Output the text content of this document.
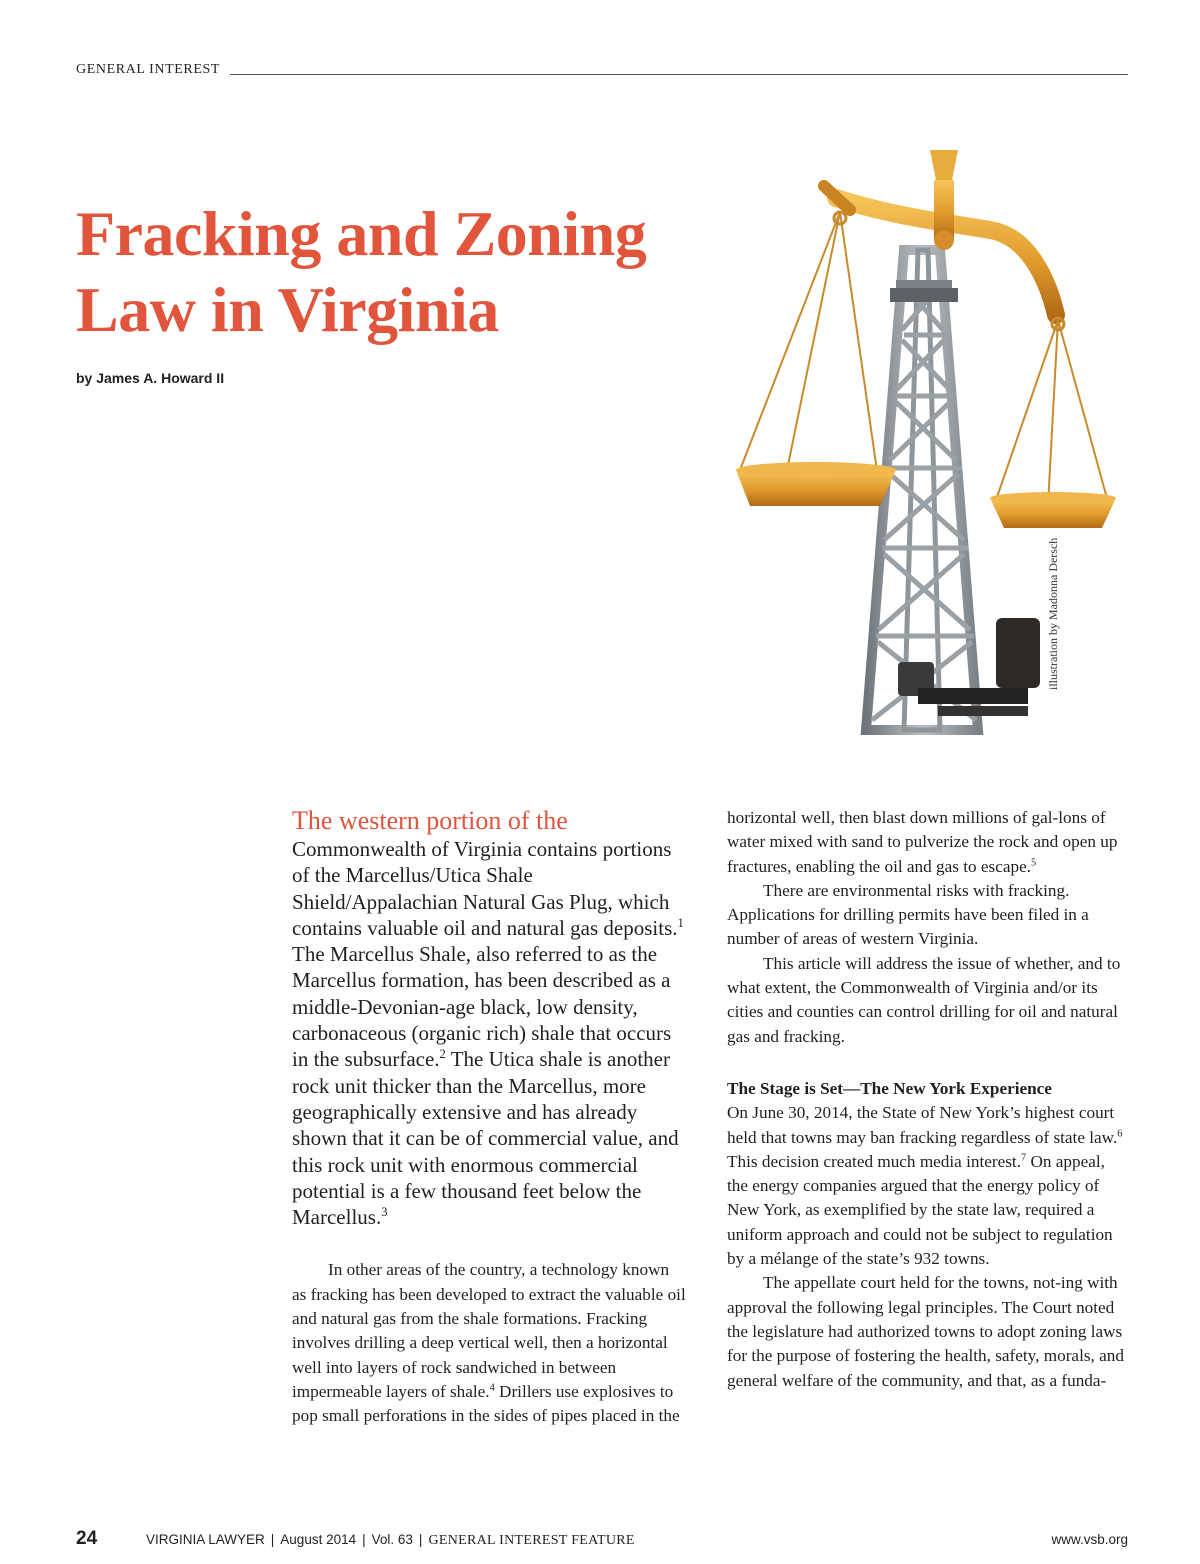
GENERAL INTEREST
Fracking and Zoning
Law in Virginia
by James A. Howard II
illustration by Madonna Dersch

The western portion of the
Commonwealth of Virginia contains portions of the Marcellus/Utica Shale Shield/Appalachian Natural Gas Plug, which contains valuable oil and natural gas deposits.$^1$ The Marcellus Shale, also referred to as the Marcellus formation, has been described as a middle-Devonian-age black, low density, carbonaceous (organic rich) shale that occurs in the subsurface.$^2$ The Utica shale is another rock unit thicker than the Marcellus, more geographically extensive and has already shown that it can be of commercial value, and this rock unit with enormous commercial potential is a few thousand feet below the Marcellus.$^3$

In other areas of the country, a technology known as fracking has been developed to extract the valuable oil and natural gas from the shale formations. Fracking involves drilling a deep vertical well, then a horizontal well into layers of rock sandwiched in between impermeable layers of shale.$^4$ Drillers use explosives to pop small perforations in the sides of pipes placed in the

horizontal well, then blast down millions of gal-lons of water mixed with sand to pulverize the rock and open up fractures, enabling the oil and gas to escape.$^5$

There are environmental risks with fracking. Applications for drilling permits have been filed in a number of areas of western Virginia.

This article will address the issue of whether, and to what extent, the Commonwealth of Virginia and/or its cities and counties can control drilling for oil and natural gas and fracking.

The Stage is Set—The New York Experience

On June 30, 2014, the State of New York’s highest court held that towns may ban fracking regardless of state law.$^6$ This decision created much media interest.$^7$ On appeal, the energy companies argued that the energy policy of New York, as exemplified by the state law, required a uniform approach and could not be subject to regulation by a mélange of the state’s 932 towns.

The appellate court held for the towns, not-ing with approval the following legal principles. The Court noted the legislature had authorized towns to adopt zoning laws for the purpose of fostering the health, safety, morals, and general welfare of the community, and that, as a funda-

24	VIRGINIA LAWYER | August 2014 | Vol. 63 | GENERAL INTEREST FEATURE	www.vsb.org
